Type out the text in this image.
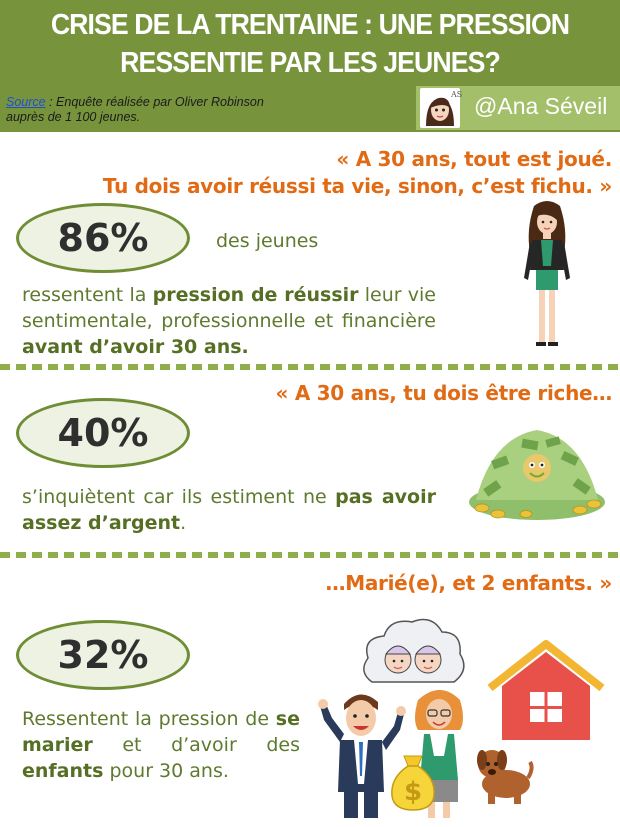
CRISE DE LA TRENTAINE : UNE PRESSION RESSENTIE PAR LES JEUNES?
Source : Enquête réalisée par Oliver Robinson
auprès de 1 100 jeunes.
AS @Ana Séveil
« A 30 ans, tout est joué.
Tu dois avoir réussi ta vie, sinon, c’est fichu. »
86%	des jeunes
ressentent la pression de réussir leur vie sentimentale, professionnelle et financière avant d’avoir 30 ans.
« A 30 ans, tu dois être riche…
40%
s’inquiètent car ils estiment ne pas avoir assez d’argent.
…Marié(e), et 2 enfants. »
32%
Ressentent la pression de se marier et d’avoir des enfants pour 30 ans.
$
